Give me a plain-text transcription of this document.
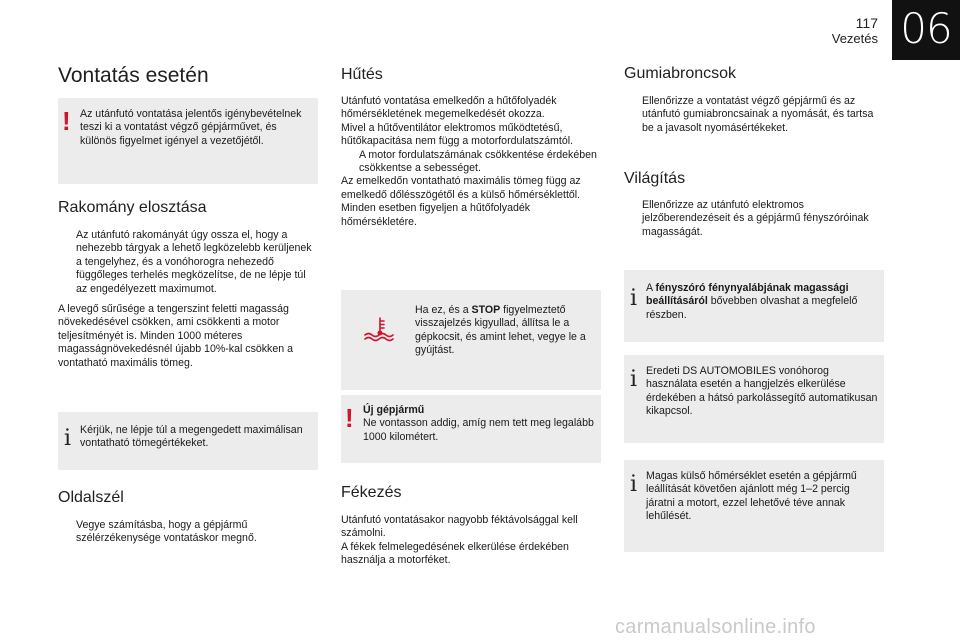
117
Vezetés 06
Vontatás esetén
! Az utánfutó vontatása jelentős igénybevételnek teszi ki a vontatást végző gépjárművet, és különös figyelmet igényel a vezetőjétől.

Rakomány elosztása
Az utánfutó rakományát úgy ossza el, hogy a nehezebb tárgyak a lehető legközelebb kerüljenek a tengelyhez, és a vonóhorogra nehezedő függőleges terhelés megközelítse, de ne lépje túl az engedélyezett maximumot.

A levegő sűrűsége a tengerszint feletti magasság növekedésével csökken, ami csökkenti a motor teljesítményét is. Minden 1000 méteres magasságnövekedésnél újabb 10%-kal csökken a vontatható maximális tömeg.

i Kérjük, ne lépje túl a megengedett maximálisan vontatható tömegértékeket.

Oldalszél
Vegye számításba, hogy a gépjármű szélérzékenysége vontatáskor megnő.
Hűtés

Utánfutó vontatása emelkedőn a hűtőfolyadék hőmérsékletének megemelkedését okozza.

Mivel a hűtőventilátor elektromos működtetésű, hűtőkapacitása nem függ a motorfordulatszámtól.

A motor fordulatszámának csökkentése érdekében csökkentse a sebességet.

Az emelkedőn vontatható maximális tömeg függ az emelkedő dőlésszögétől és a külső hőmérséklettől. Minden esetben figyeljen a hűtőfolyadék hőmérsékletére.

Ha ez, és a STOP figyelmeztető visszajelzés kigyullad, állítsa le a gépkocsit, és amint lehet, vegye le a gyújtást.
! Új gépjármű
Ne vontasson addig, amíg nem tett meg legalább 1000 kilométert.

Fékezés

Utánfutó vontatásakor nagyobb féktávolsággal kell számolni.

A fékek felmelegedésének elkerülése érdekében használja a motorféket.

Gumiabroncsok
Ellenőrizze a vontatást végző gépjármű és az utánfutó gumiabroncsainak a nyomását, és tartsa be a javasolt nyomásértékeket.
Világítás
Ellenőrizze az utánfutó elektromos jelzőberendezéseit és a gépjármű fényszóróinak magasságát.
i A fényszóró fénynyalábjának magassági beállításáról bővebben olvashat a megfelelő részben.

i Eredeti DS AUTOMOBILES vonóhorog használata esetén a hangjelzés elkerülése érdekében a hátsó parkolássegítő automatikusan kikapcsol.

i Magas külső hőmérséklet esetén a gépjármű leállítását követően ajánlott még 1–2 percig járatni a motort, ezzel lehetővé téve annak lehűlését.

carmanualsonline.info
